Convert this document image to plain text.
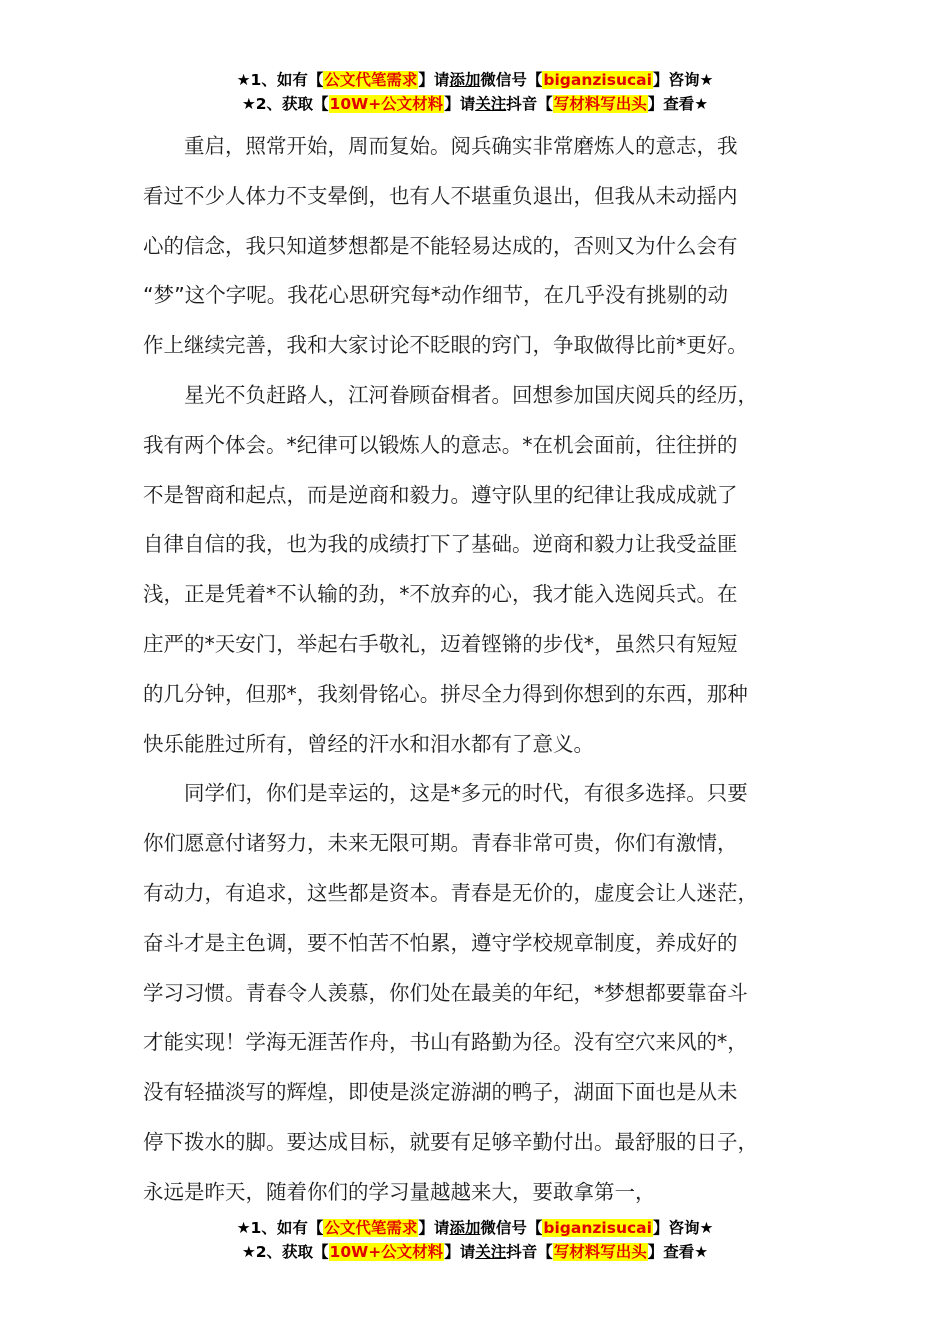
★1、如有【公文代笔需求】请添加微信号【biganzisucai】咨询★
★2、获取【10W+公文材料】请关注抖音【写材料写出头】查看★

重启，照常开始，周而复始。阅兵确实非常磨炼人的意志，我
看过不少人体力不支晕倒，也有人不堪重负退出，但我从未动摇内
心的信念，我只知道梦想都是不能轻易达成的，否则又为什么会有
“梦”这个字呢。我花心思研究每*动作细节，在几乎没有挑剔的动
作上继续完善，我和大家讨论不眨眼的窍门，争取做得比前*更好。

星光不负赶路人，江河眷顾奋楫者。回想参加国庆阅兵的经历，
我有两个体会。*纪律可以锻炼人的意志。*在机会面前，往往拼的
不是智商和起点，而是逆商和毅力。遵守队里的纪律让我成成就了
自律自信的我，也为我的成绩打下了基础。逆商和毅力让我受益匪
浅，正是凭着*不认输的劲，*不放弃的心，我才能入选阅兵式。在
庄严的*天安门，举起右手敬礼，迈着铿锵的步伐*，虽然只有短短
的几分钟，但那*，我刻骨铭心。拼尽全力得到你想到的东西，那种
快乐能胜过所有，曾经的汗水和泪水都有了意义。

同学们，你们是幸运的，这是*多元的时代，有很多选择。只要
你们愿意付诸努力，未来无限可期。青春非常可贵，你们有激情，
有动力，有追求，这些都是资本。青春是无价的，虚度会让人迷茫，
奋斗才是主色调，要不怕苦不怕累，遵守学校规章制度，养成好的
学习习惯。青春令人羡慕，你们处在最美的年纪，*梦想都要靠奋斗
才能实现！学海无涯苦作舟，书山有路勤为径。没有空穴来风的*，
没有轻描淡写的辉煌，即使是淡定游湖的鸭子，湖面下面也是从未
停下拨水的脚。要达成目标，就要有足够辛勤付出。最舒服的日子，
永远是昨天，随着你们的学习量越越来大，要敢拿第一，

★1、如有【公文代笔需求】请添加微信号【biganzisucai】咨询★
★2、获取【10W+公文材料】请关注抖音【写材料写出头】查看★
